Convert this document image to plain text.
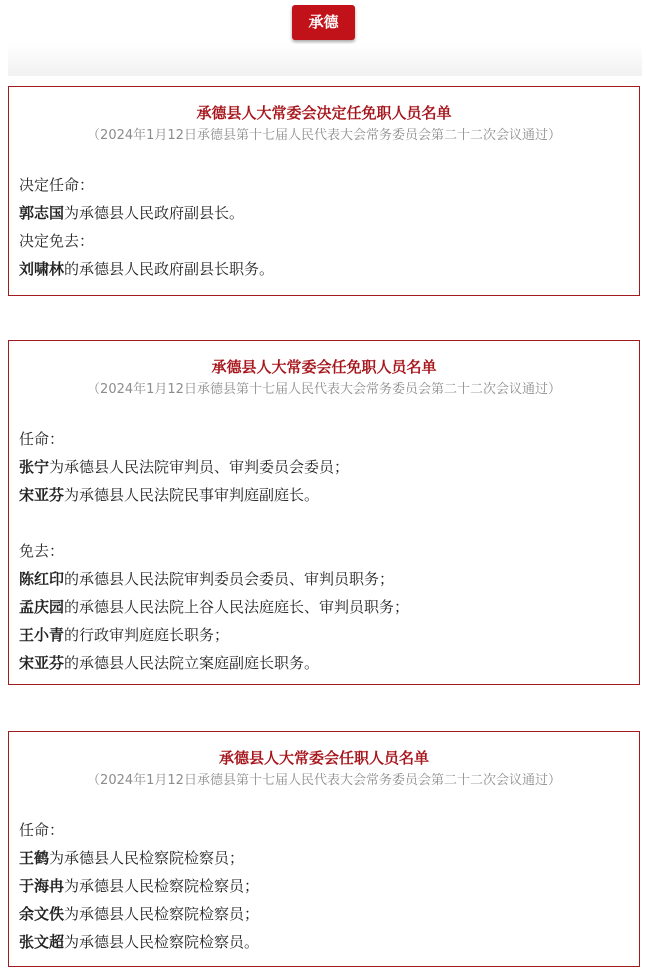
承德
承德县人大常委会决定任免职人员名单
（2024年1月12日承德县第十七届人民代表大会常务委员会第二十二次会议通过）
决定任命：
郭志国为承德县人民政府副县长。
决定免去：
刘啸林的承德县人民政府副县长职务。
承德县人大常委会任免职人员名单
（2024年1月12日承德县第十七届人民代表大会常务委员会第二十二次会议通过）
任命：
张宁为承德县人民法院审判员、审判委员会委员；
宋亚芬为承德县人民法院民事审判庭副庭长。
免去：
陈红印的承德县人民法院审判委员会委员、审判员职务；
孟庆园的承德县人民法院上谷人民法庭庭长、审判员职务；
王小青的行政审判庭庭长职务；
宋亚芬的承德县人民法院立案庭副庭长职务。
承德县人大常委会任职人员名单
（2024年1月12日承德县第十七届人民代表大会常务委员会第二十二次会议通过）
任命：
王鹤为承德县人民检察院检察员；
于海冉为承德县人民检察院检察员；
余文佚为承德县人民检察院检察员；
张文超为承德县人民检察院检察员。
